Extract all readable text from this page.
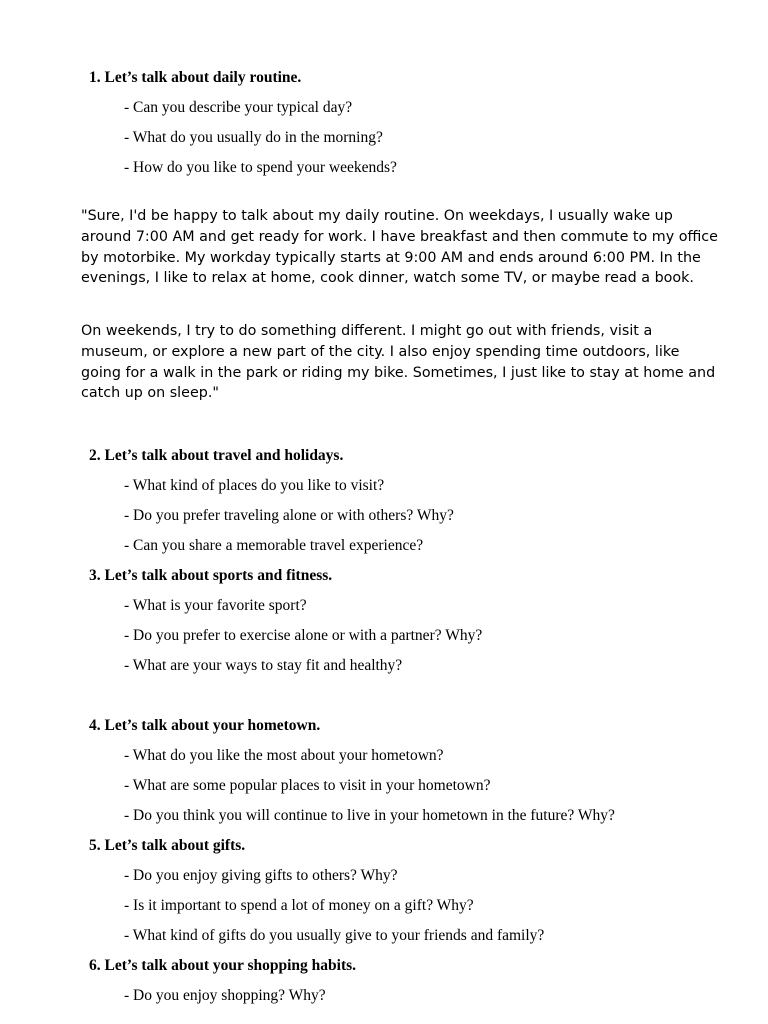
1. Let’s talk about daily routine.
- Can you describe your typical day?
- What do you usually do in the morning?
- How do you like to spend your weekends?

"Sure, I'd be happy to talk about my daily routine. On weekdays, I usually wake up around 7:00 AM and get ready for work. I have breakfast and then commute to my office by motorbike. My workday typically starts at 9:00 AM and ends around 6:00 PM. In the evenings, I like to relax at home, cook dinner, watch some TV, or maybe read a book.

On weekends, I try to do something different. I might go out with friends, visit a museum, or explore a new part of the city. I also enjoy spending time outdoors, like going for a walk in the park or riding my bike. Sometimes, I just like to stay at home and catch up on sleep."

2. Let’s talk about travel and holidays.
- What kind of places do you like to visit?
- Do you prefer traveling alone or with others? Why?
- Can you share a memorable travel experience?
3. Let’s talk about sports and fitness.
- What is your favorite sport?
- Do you prefer to exercise alone or with a partner? Why?
- What are your ways to stay fit and healthy?
4. Let’s talk about your hometown.
- What do you like the most about your hometown?
- What are some popular places to visit in your hometown?
- Do you think you will continue to live in your hometown in the future? Why?
5. Let’s talk about gifts.
- Do you enjoy giving gifts to others? Why?
- Is it important to spend a lot of money on a gift? Why?
- What kind of gifts do you usually give to your friends and family?
6. Let’s talk about your shopping habits.
- Do you enjoy shopping? Why?
